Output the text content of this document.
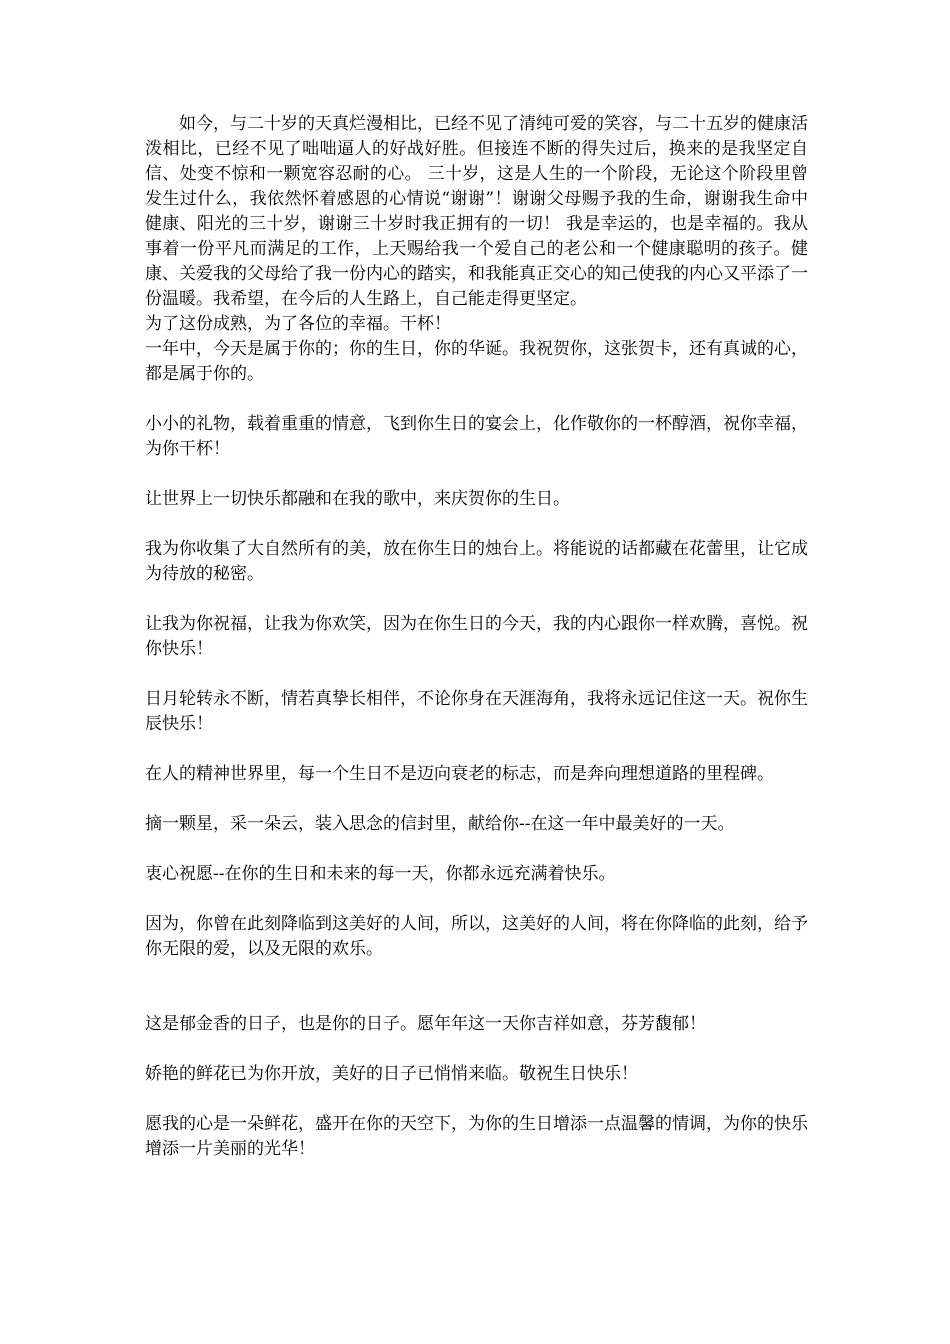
如今，与二十岁的天真烂漫相比，已经不见了清纯可爱的笑容，与二十五岁的健康活泼相比，已经不见了咄咄逼人的好战好胜。但接连不断的得失过后，换来的是我坚定自信、处变不惊和一颗宽容忍耐的心。 三十岁，这是人生的一个阶段，无论这个阶段里曾发生过什么，我依然怀着感恩的心情说“谢谢”！谢谢父母赐予我的生命，谢谢我生命中健康、阳光的三十岁，谢谢三十岁时我正拥有的一切！ 我是幸运的，也是幸福的。我从事着一份平凡而满足的工作，上天赐给我一个爱自己的老公和一个健康聪明的孩子。健康、关爱我的父母给了我一份内心的踏实，和我能真正交心的知己使我的内心又平添了一份温暖。我希望，在今后的人生路上，自己能走得更坚定。

为了这份成熟，为了各位的幸福。干杯！

一年中，今天是属于你的；你的生日，你的华诞。我祝贺你，这张贺卡，还有真诚的心，都是属于你的。

小小的礼物，载着重重的情意，飞到你生日的宴会上，化作敬你的一杯醇酒，祝你幸福，为你干杯！

让世界上一切快乐都融和在我的歌中，来庆贺你的生日。

我为你收集了大自然所有的美，放在你生日的烛台上。将能说的话都藏在花蕾里，让它成为待放的秘密。

让我为你祝福，让我为你欢笑，因为在你生日的今天，我的内心跟你一样欢腾，喜悦。祝你快乐！

日月轮转永不断，情若真挚长相伴，不论你身在天涯海角，我将永远记住这一天。祝你生辰快乐！

在人的精神世界里，每一个生日不是迈向衰老的标志，而是奔向理想道路的里程碑。

摘一颗星，采一朵云，装入思念的信封里，献给你--在这一年中最美好的一天。

衷心祝愿--在你的生日和未来的每一天，你都永远充满着快乐。

因为，你曾在此刻降临到这美好的人间，所以，这美好的人间，将在你降临的此刻，给予你无限的爱，以及无限的欢乐。

这是郁金香的日子，也是你的日子。愿年年这一天你吉祥如意，芬芳馥郁！

娇艳的鲜花已为你开放，美好的日子已悄悄来临。敬祝生日快乐！

愿我的心是一朵鲜花，盛开在你的天空下，为你的生日增添一点温馨的情调，为你的快乐增添一片美丽的光华！
